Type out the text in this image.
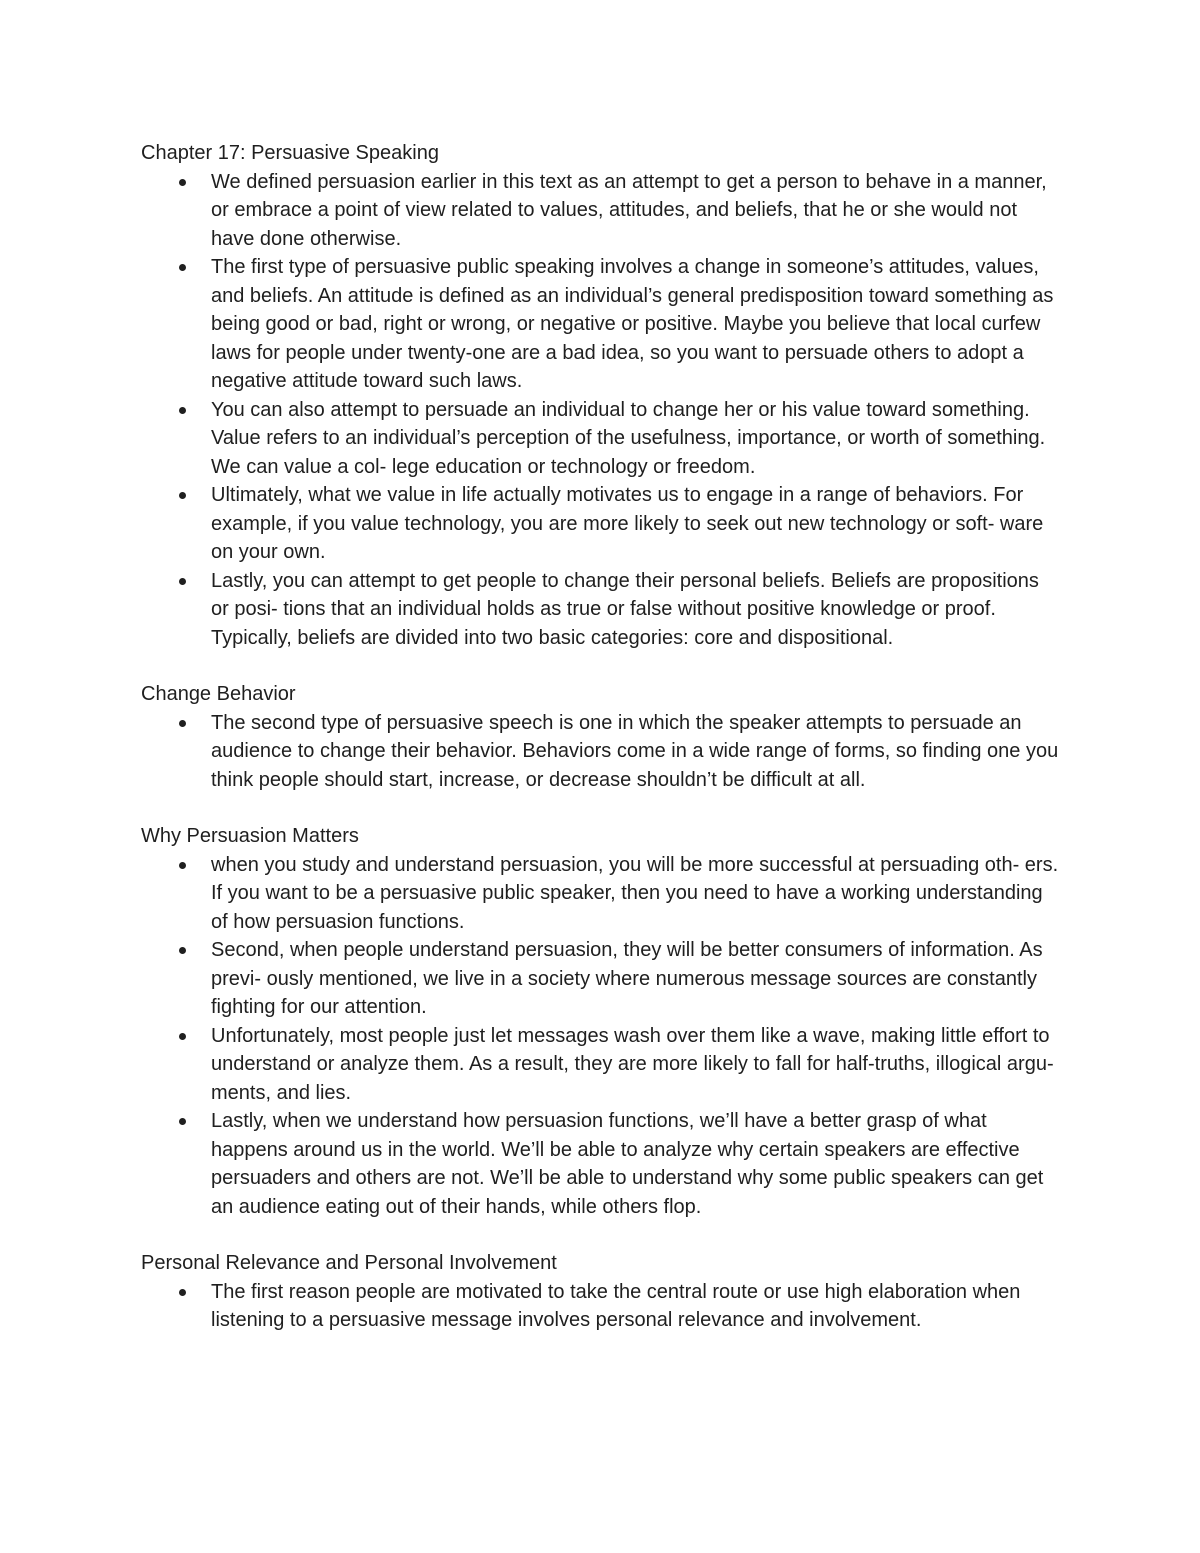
Chapter 17: Persuasive Speaking
We defined persuasion earlier in this text as an attempt to get a person to behave in a manner, or embrace a point of view related to values, attitudes, and beliefs, that he or she would not have done otherwise.
The first type of persuasive public speaking involves a change in someone’s attitudes, values, and beliefs. An attitude is defined as an individual’s general predisposition toward something as being good or bad, right or wrong, or negative or positive. Maybe you believe that local curfew laws for people under twenty-one are a bad idea, so you want to persuade others to adopt a negative attitude toward such laws.
You can also attempt to persuade an individual to change her or his value toward something. Value refers to an individual’s perception of the usefulness, importance, or worth of something. We can value a col- lege education or technology or freedom.
Ultimately, what we value in life actually motivates us to engage in a range of behaviors. For example, if you value technology, you are more likely to seek out new technology or soft- ware on your own.
Lastly, you can attempt to get people to change their personal beliefs. Beliefs are propositions or posi- tions that an individual holds as true or false without positive knowledge or proof. Typically, beliefs are divided into two basic categories: core and dispositional.
Change Behavior
The second type of persuasive speech is one in which the speaker attempts to persuade an audience to change their behavior. Behaviors come in a wide range of forms, so finding one you think people should start, increase, or decrease shouldn’t be difficult at all.
Why Persuasion Matters
when you study and understand persuasion, you will be more successful at persuading oth- ers. If you want to be a persuasive public speaker, then you need to have a working understanding of how persuasion functions.
Second, when people understand persuasion, they will be better consumers of information. As previ- ously mentioned, we live in a society where numerous message sources are constantly fighting for our attention.
Unfortunately, most people just let messages wash over them like a wave, making little effort to understand or analyze them. As a result, they are more likely to fall for half-truths, illogical argu- ments, and lies.
Lastly, when we understand how persuasion functions, we’ll have a better grasp of what happens around us in the world. We’ll be able to analyze why certain speakers are effective persuaders and others are not. We’ll be able to understand why some public speakers can get an audience eating out of their hands, while others flop.
Personal Relevance and Personal Involvement
The first reason people are motivated to take the central route or use high elaboration when listening to a persuasive message involves personal relevance and involvement.
